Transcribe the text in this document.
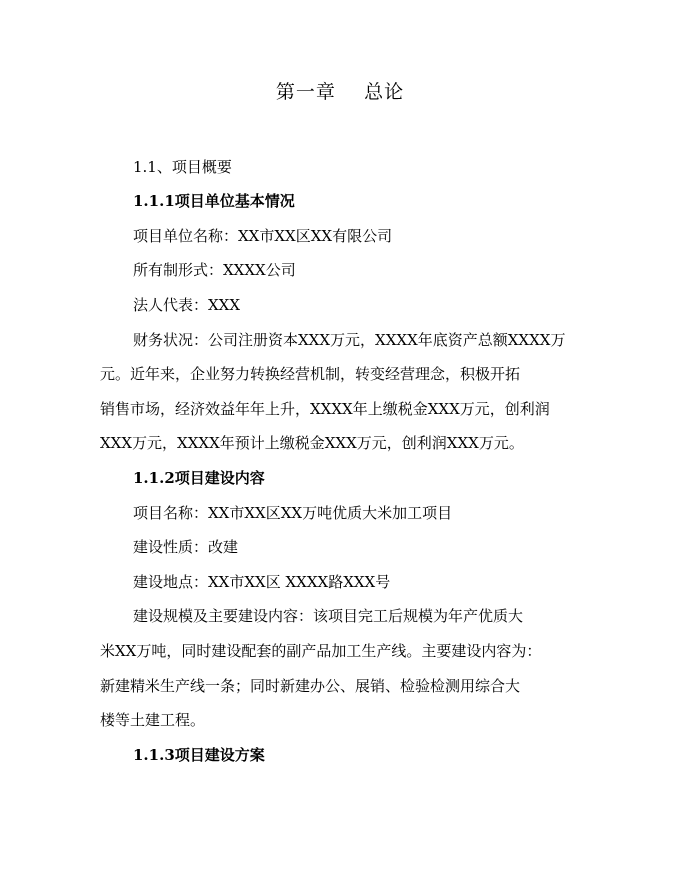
第一章    总论
1.1、项目概要
1.1.1项目单位基本情况
项目单位名称：XX市XX区XX有限公司
所有制形式：XXXX公司
法人代表：XXX
财务状况：公司注册资本XXX万元，XXXX年底资产总额XXXX万
元。近年来，企业努力转换经营机制，转变经营理念，积极开拓
销售市场，经济效益年年上升，XXXX年上缴税金XXX万元，创利润
XXX万元，XXXX年预计上缴税金XXX万元，创利润XXX万元。
1.1.2项目建设内容
项目名称：XX市XX区XX万吨优质大米加工项目
建设性质：改建
建设地点：XX市XX区 XXXX路XXX号
建设规模及主要建设内容：该项目完工后规模为年产优质大
米XX万吨，同时建设配套的副产品加工生产线。主要建设内容为：
新建精米生产线一条；同时新建办公、展销、检验检测用综合大
楼等土建工程。
1.1.3项目建设方案
